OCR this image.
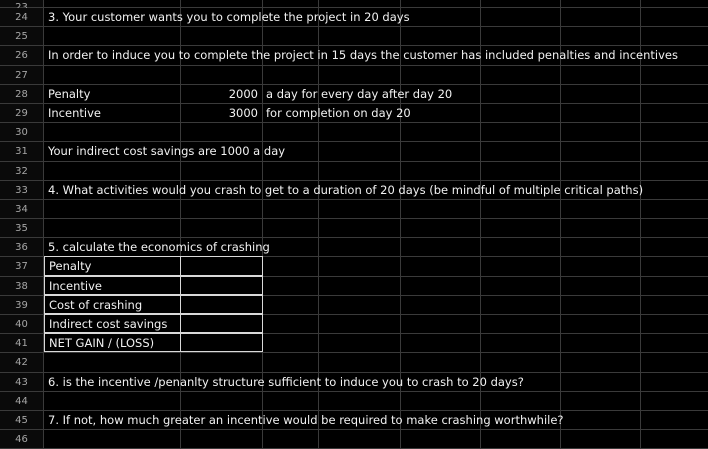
24	3. Your customer wants you to complete the project in 20 days
25
26	In order to induce you to complete the project in 15 days the customer has included penalties and incentives
27
28	Penalty	2000 a day for every day after day 20
29	Incentive	3000 for completion on day 20
30
31	Your indirect cost savings are 1000 a day
32
33	4. What activities would you crash to get to a duration of 20 days (be mindful of multiple critical paths)
34
35
36	5. calculate the economics of crashing
37	Penalty
38	Incentive
39	Cost of crashing
40	Indirect cost savings
41	NET GAIN / (LOSS)
42
43	6. is the incentive /penanlty structure sufficient to induce you to crash to 20 days?
44
45	7. If not, how much greater an incentive would be required to make crashing worthwhile?
46
